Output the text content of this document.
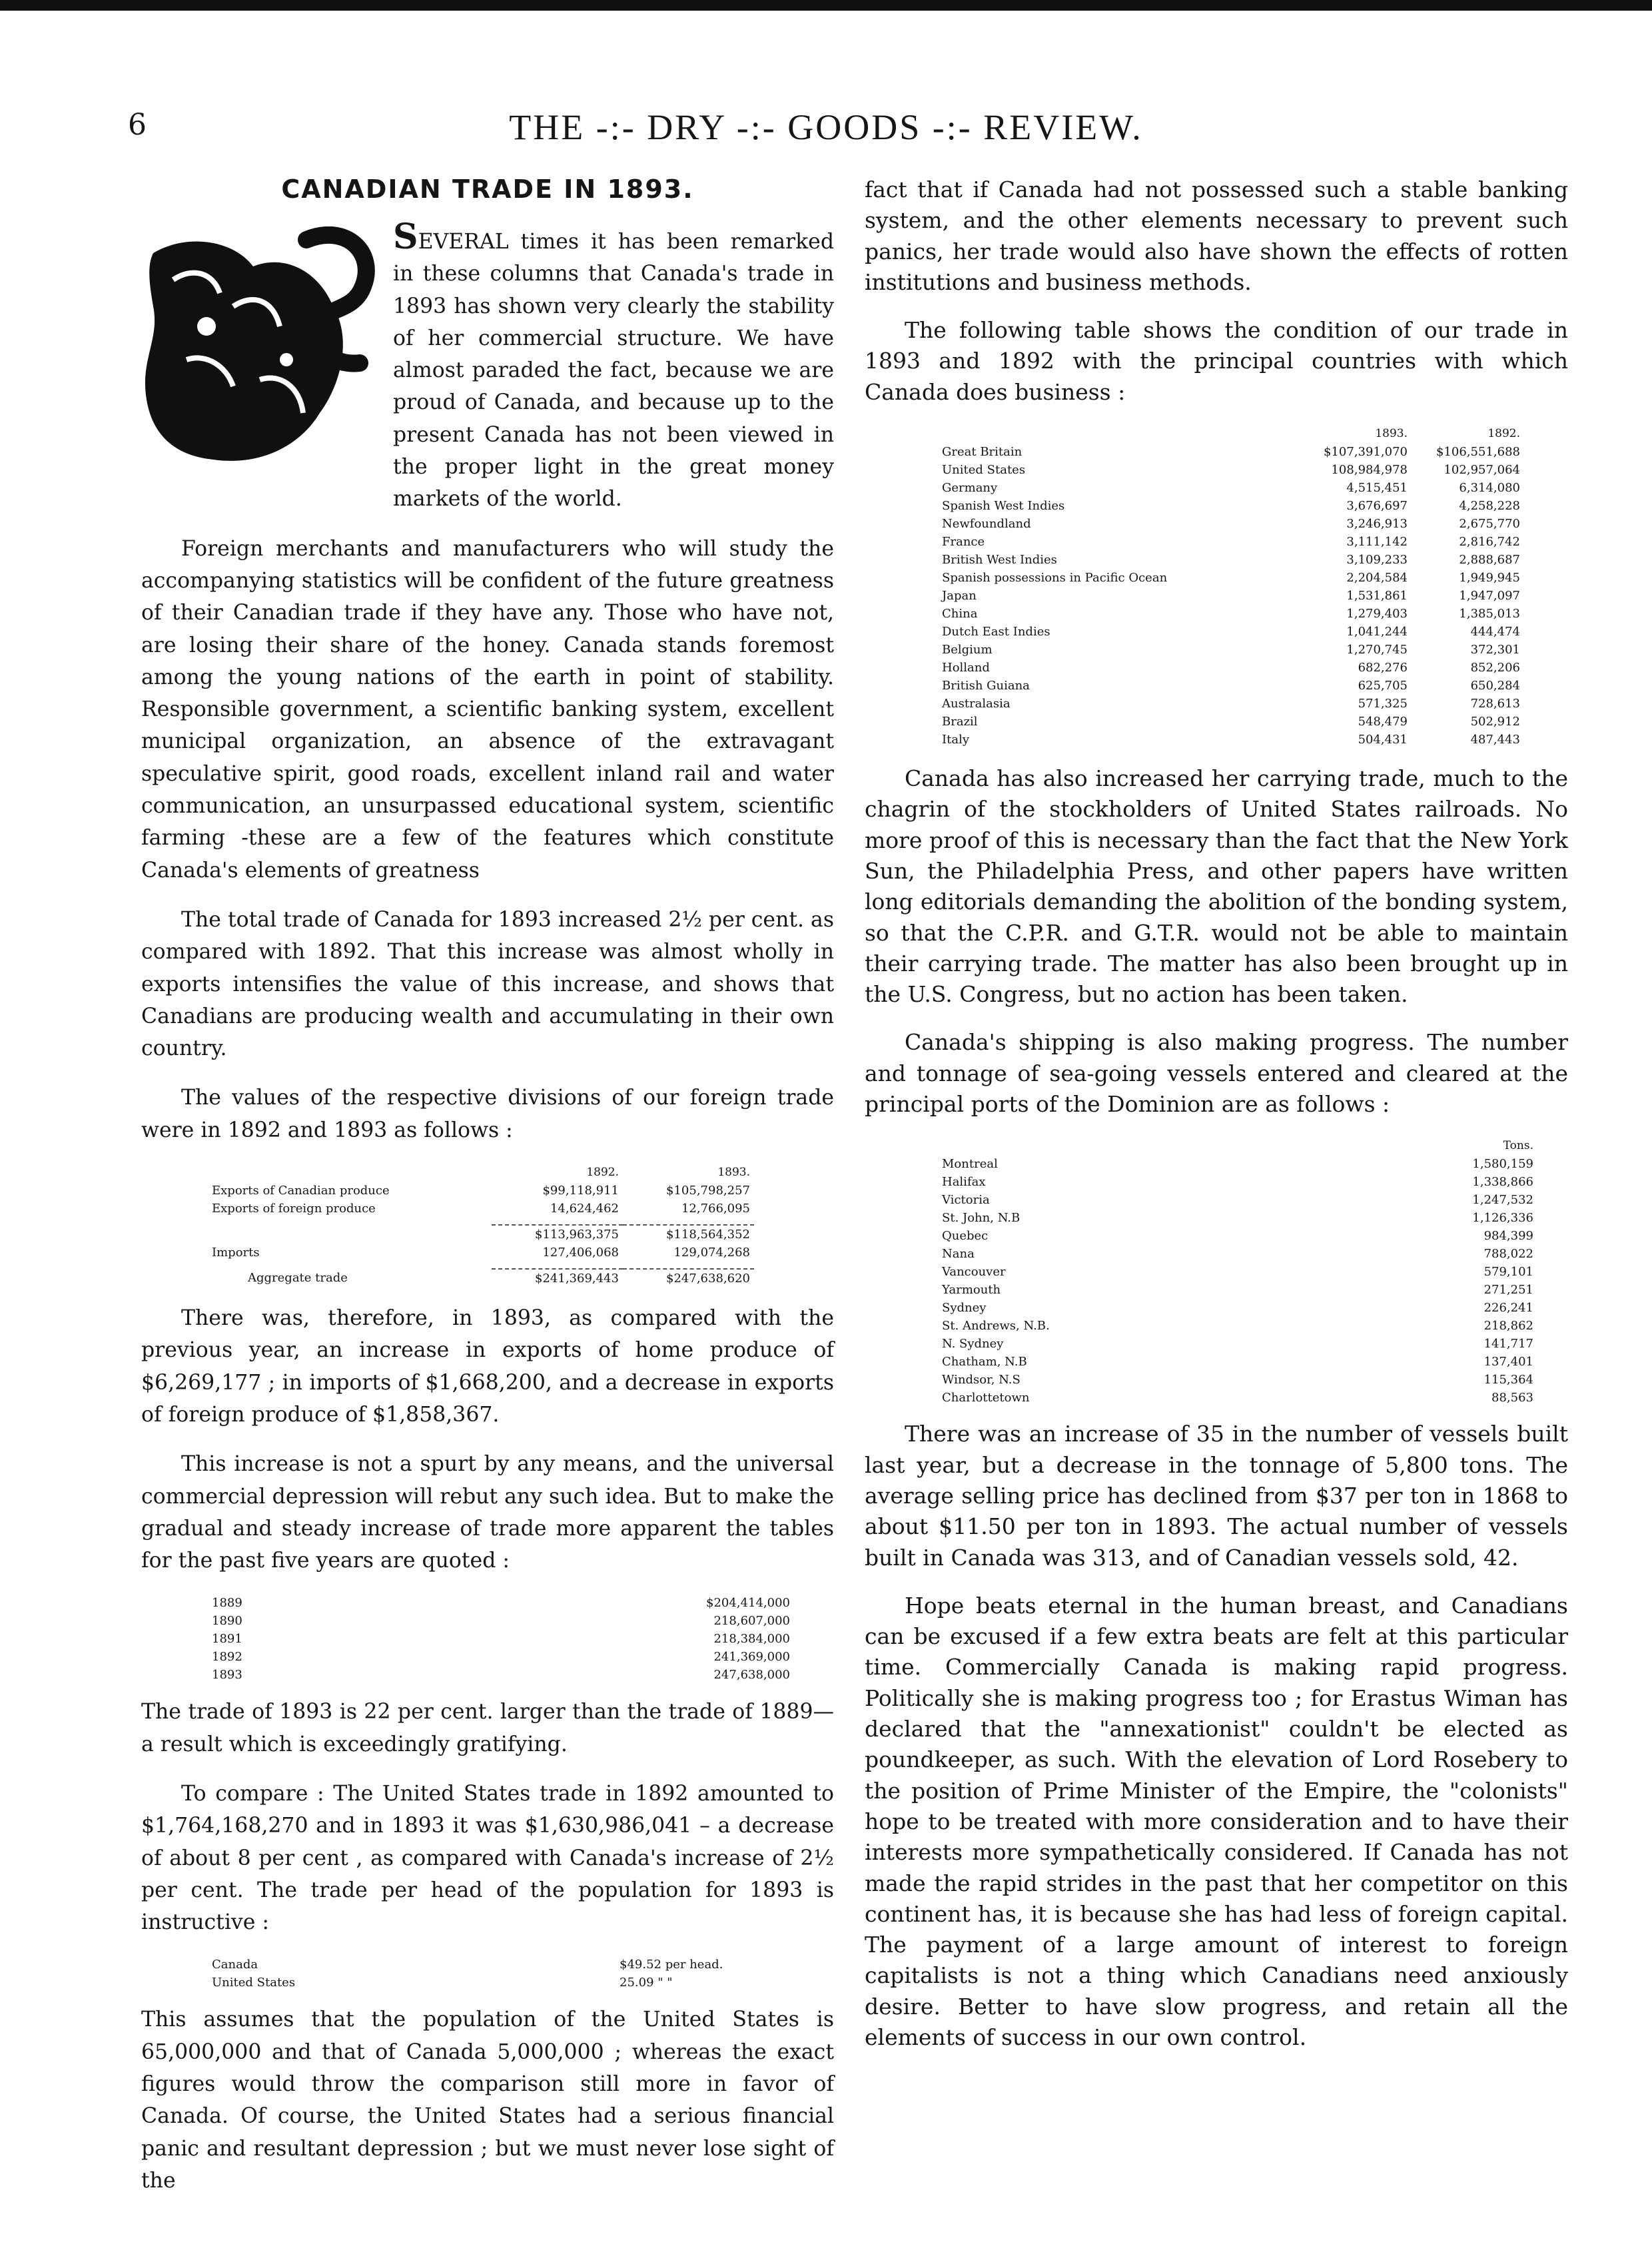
6	THE -:- DRY -:- GOODS -:- REVIEW.
CANADIAN TRADE IN 1893.

SEVERAL times it has been remarked in these columns that Canada's trade in 1893 has shown very clearly the stability of her commercial structure. We have almost paraded the fact, because we are proud of Canada, and because up to the present Canada has not been viewed in the proper light in the great money markets of the world.

Foreign merchants and manufacturers who will study the accompanying statistics will be confident of the future greatness of their Canadian trade if they have any. Those who have not, are losing their share of the honey. Canada stands foremost among the young nations of the earth in point of stability. Responsible government, a scientific banking system, excellent municipal organization, an absence of the extravagant speculative spirit, good roads, excellent inland rail and water communication, an unsurpassed educational system, scientific farming -these are a few of the features which constitute Canada's elements of greatness

The total trade of Canada for 1893 increased 2½ per cent. as compared with 1892. That this increase was almost wholly in exports intensifies the value of this increase, and shows that Canadians are producing wealth and accumulating in their own country.

The values of the respective divisions of our foreign trade were in 1892 and 1893 as follows :

	1892.	1893.
Exports of Canadian produce	$99,118,911	$105,798,257
Exports of foreign produce	14,624,462	12,766,095

	$113,963,375	$118,564,352
Imports	127,406,068	129,074,268

Aggregate trade	$241,369,443	$247,638,620

There was, therefore, in 1893, as compared with the previous year, an increase in exports of home produce of $6,269,177 ; in imports of $1,668,200, and a decrease in exports of foreign produce of $1,858,367.

This increase is not a spurt by any means, and the universal commercial depression will rebut any such idea. But to make the gradual and steady increase of trade more apparent the tables for the past five years are quoted :

1889	$204,414,000
1890	218,607,000
1891	218,384,000
1892	241,369,000
1893	247,638,000

The trade of 1893 is 22 per cent. larger than the trade of 1889—a result which is exceedingly gratifying.

To compare : The United States trade in 1892 amounted to $1,764,168,270 and in 1893 it was $1,630,986,041 – a decrease of about 8 per cent , as compared with Canada's increase of 2½ per cent. The trade per head of the population for 1893 is instructive :

Canada	$49.52 per head.
United States	25.09 " "

This assumes that the population of the United States is 65,000,000 and that of Canada 5,000,000 ; whereas the exact figures would throw the comparison still more in favor of Canada. Of course, the United States had a serious financial panic and resultant depression ; but we must never lose sight of the

fact that if Canada had not possessed such a stable banking system, and the other elements necessary to prevent such panics, her trade would also have shown the effects of rotten institutions and business methods.

The following table shows the condition of our trade in 1893 and 1892 with the principal countries with which Canada does business :

	1893.	1892.
Great Britain	$107,391,070	$106,551,688
United States	108,984,978	102,957,064
Germany	4,515,451	6,314,080
Spanish West Indies	3,676,697	4,258,228
Newfoundland	3,246,913	2,675,770
France	3,111,142	2,816,742
British West Indies	3,109,233	2,888,687
Spanish possessions in Pacific Ocean	2,204,584	1,949,945
Japan	1,531,861	1,947,097
China	1,279,403	1,385,013
Dutch East Indies	1,041,244	444,474
Belgium	1,270,745	372,301
Holland	682,276	852,206
British Guiana	625,705	650,284
Australasia	571,325	728,613
Brazil	548,479	502,912
Italy	504,431	487,443

Canada has also increased her carrying trade, much to the chagrin of the stockholders of United States railroads. No more proof of this is necessary than the fact that the New York Sun, the Philadelphia Press, and other papers have written long editorials demanding the abolition of the bonding system, so that the C.P.R. and G.T.R. would not be able to maintain their carrying trade. The matter has also been brought up in the U.S. Congress, but no action has been taken.

Canada's shipping is also making progress. The number and tonnage of sea-going vessels entered and cleared at the principal ports of the Dominion are as follows :

	Tons.
Montreal	1,580,159
Halifax	1,338,866
Victoria	1,247,532
St. John, N.B	1,126,336
Quebec	984,399
Nana	788,022
Vancouver	579,101
Yarmouth	271,251
Sydney	226,241
St. Andrews, N.B.	218,862
N. Sydney	141,717
Chatham, N.B	137,401
Windsor, N.S	115,364
Charlottetown	88,563

There was an increase of 35 in the number of vessels built last year, but a decrease in the tonnage of 5,800 tons. The average selling price has declined from $37 per ton in 1868 to about $11.50 per ton in 1893. The actual number of vessels built in Canada was 313, and of Canadian vessels sold, 42.

Hope beats eternal in the human breast, and Canadians can be excused if a few extra beats are felt at this particular time. Commercially Canada is making rapid progress. Politically she is making progress too ; for Erastus Wiman has declared that the "annexationist" couldn't be elected as poundkeeper, as such. With the elevation of Lord Rosebery to the position of Prime Minister of the Empire, the "colonists" hope to be treated with more consideration and to have their interests more sympathetically considered. If Canada has not made the rapid strides in the past that her competitor on this continent has, it is because she has had less of foreign capital. The payment of a large amount of interest to foreign capitalists is not a thing which Canadians need anxiously desire. Better to have slow progress, and retain all the elements of success in our own control.
